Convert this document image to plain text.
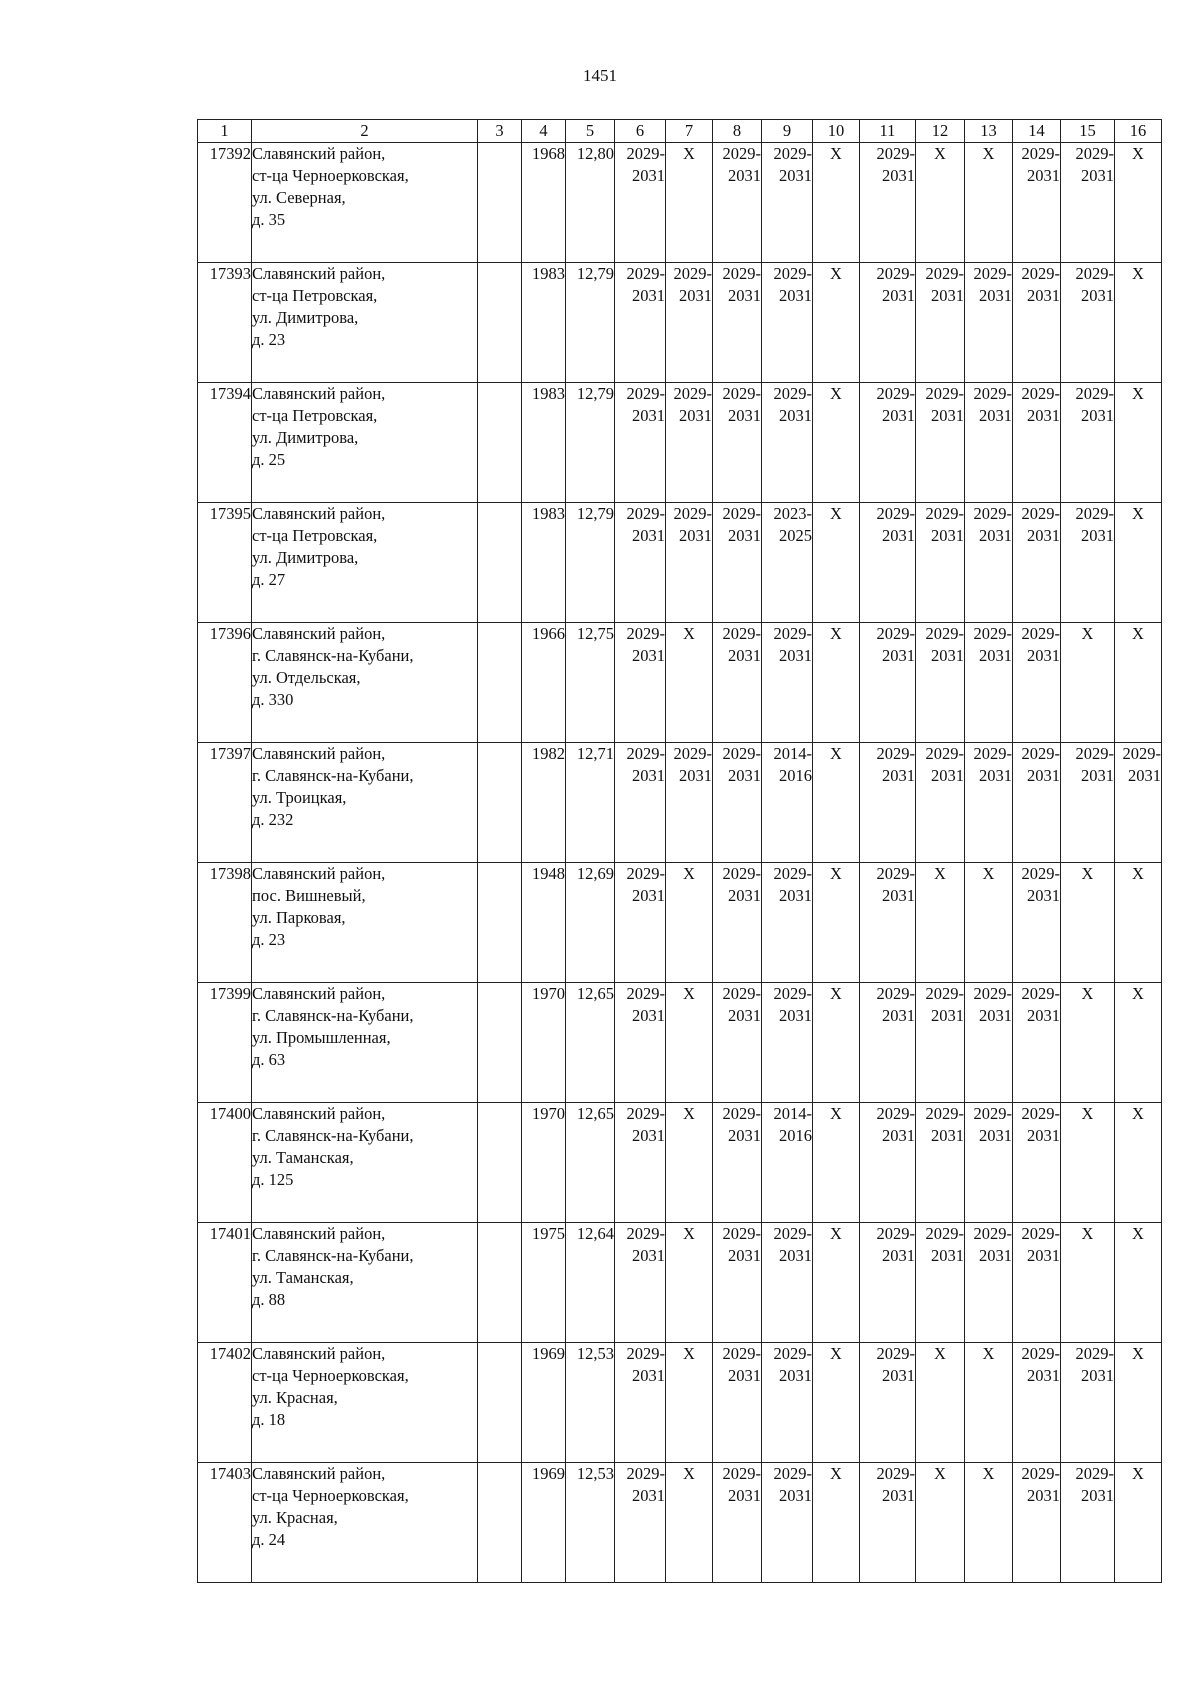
1451
1	2	3	4	5	6	7	8	9	10	11	12	13	14	15	16
17392	Славянский район,
ст-ца Черноерковская,
ул. Северная,
д. 35		1968	12,80	2029-
2031	X	2029-
2031	2029-
2031	X	2029-
2031	X	X	2029-
2031	2029-
2031	X
17393	Славянский район,
ст-ца Петровская,
ул. Димитрова,
д. 23		1983	12,79	2029-
2031	2029-
2031	2029-
2031	2029-
2031	X	2029-
2031	2029-
2031	2029-
2031	2029-
2031	2029-
2031	X
17394	Славянский район,
ст-ца Петровская,
ул. Димитрова,
д. 25		1983	12,79	2029-
2031	2029-
2031	2029-
2031	2029-
2031	X	2029-
2031	2029-
2031	2029-
2031	2029-
2031	2029-
2031	X
17395	Славянский район,
ст-ца Петровская,
ул. Димитрова,
д. 27		1983	12,79	2029-
2031	2029-
2031	2029-
2031	2023-
2025	X	2029-
2031	2029-
2031	2029-
2031	2029-
2031	2029-
2031	X
17396	Славянский район,
г. Славянск-на-Кубани,
ул. Отдельская,
д. 330		1966	12,75	2029-
2031	X	2029-
2031	2029-
2031	X	2029-
2031	2029-
2031	2029-
2031	2029-
2031	X	X
17397	Славянский район,
г. Славянск-на-Кубани,
ул. Троицкая,
д. 232		1982	12,71	2029-
2031	2029-
2031	2029-
2031	2014-
2016	X	2029-
2031	2029-
2031	2029-
2031	2029-
2031	2029-
2031	2029-
2031

17398	Славянский район,
пос. Вишневый,
ул. Парковая,
д. 23		1948	12,69	2029-
2031	X	2029-
2031	2029-
2031	X	2029-
2031	X	X	2029-
2031	X	X
17399	Славянский район,
г. Славянск-на-Кубани,
ул. Промышленная,
д. 63		1970	12,65	2029-
2031	X	2029-
2031	2029-
2031	X	2029-
2031	2029-
2031	2029-
2031	2029-
2031	X	X
17400	Славянский район,
г. Славянск-на-Кубани,
ул. Таманская,
д. 125		1970	12,65	2029-
2031	X	2029-
2031	2014-
2016	X	2029-
2031	2029-
2031	2029-
2031	2029-
2031	X	X
17401	Славянский район,
г. Славянск-на-Кубани,
ул. Таманская,
д. 88		1975	12,64	2029-
2031	X	2029-
2031	2029-
2031	X	2029-
2031	2029-
2031	2029-
2031	2029-
2031	X	X
17402	Славянский район,
ст-ца Черноерковская,
ул. Красная,
д. 18		1969	12,53	2029-
2031	X	2029-
2031	2029-
2031	X	2029-
2031	X	X	2029-
2031	2029-
2031	X
17403	Славянский район,
ст-ца Черноерковская,
ул. Красная,
д. 24		1969	12,53	2029-
2031	X	2029-
2031	2029-
2031	X	2029-
2031	X	X	2029-
2031	2029-
2031	X
